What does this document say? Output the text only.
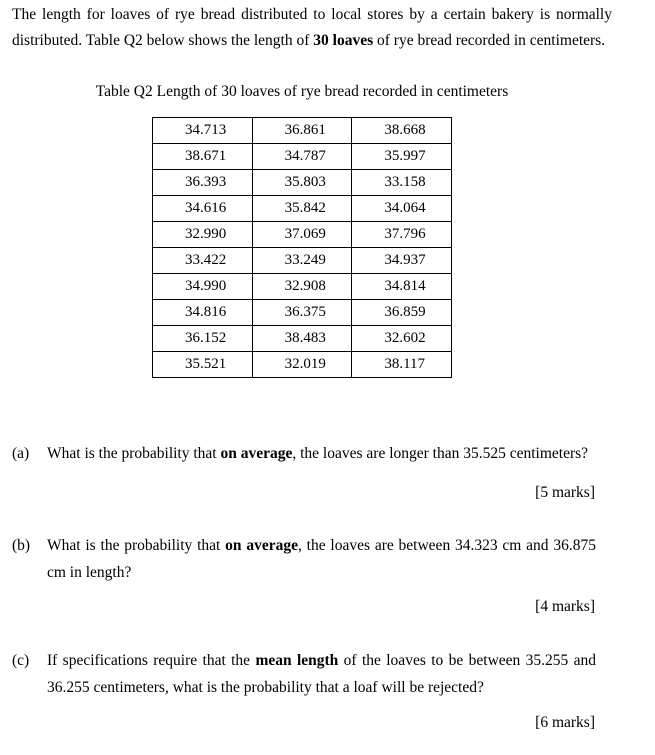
The length for loaves of rye bread distributed to local stores by a certain bakery is normally distributed. Table Q2 below shows the length of 30 loaves of rye bread recorded in centimeters.
Table Q2 Length of 30 loaves of rye bread recorded in centimeters
34.713	36.861	38.668
38.671	34.787	35.997
36.393	35.803	33.158
34.616	35.842	34.064
32.990	37.069	37.796
33.422	33.249	34.937
34.990	32.908	34.814
34.816	36.375	36.859
36.152	38.483	32.602
35.521	32.019	38.117
(a) What is the probability that on average, the loaves are longer than 35.525 centimeters?
[5 marks]
(b) What is the probability that on average, the loaves are between 34.323 cm and 36.875 cm in length?
[4 marks]
(c) If specifications require that the mean length of the loaves to be between 35.255 and 36.255 centimeters, what is the probability that a loaf will be rejected?
[6 marks]
